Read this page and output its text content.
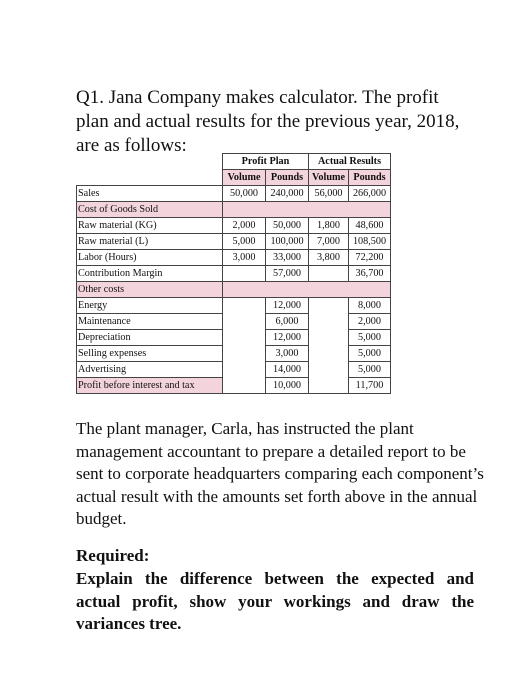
Q1. Jana Company makes calculator. The profit plan and actual results for the previous year, 2018, are as follows:

	Profit Plan		Actual Results	
	Volume	Pounds	Volume	Pounds
Sales	50,000	240,000	56,000	266,000
Cost of Goods Sold				
Raw material (KG)	2,000	50,000	1,800	48,600
Raw material (L)	5,000	100,000	7,000	108,500
Labor (Hours)	3,000	33,000	3,800	72,200
Contribution Margin		57,000		36,700
Other costs				
Energy		12,000		8,000
Maintenance		6,000		2,000
Depreciation		12,000		5,000
Selling expenses		3,000		5,000
Advertising		14,000		5,000
Profit before interest and tax		10,000		11,700

The plant manager, Carla, has instructed the plant management accountant to prepare a detailed report to be sent to corporate headquarters comparing each component’s actual result with the amounts set forth above in the annual budget.

Required:

Explain the difference between the expected and actual profit, show your workings and draw the variances tree.
